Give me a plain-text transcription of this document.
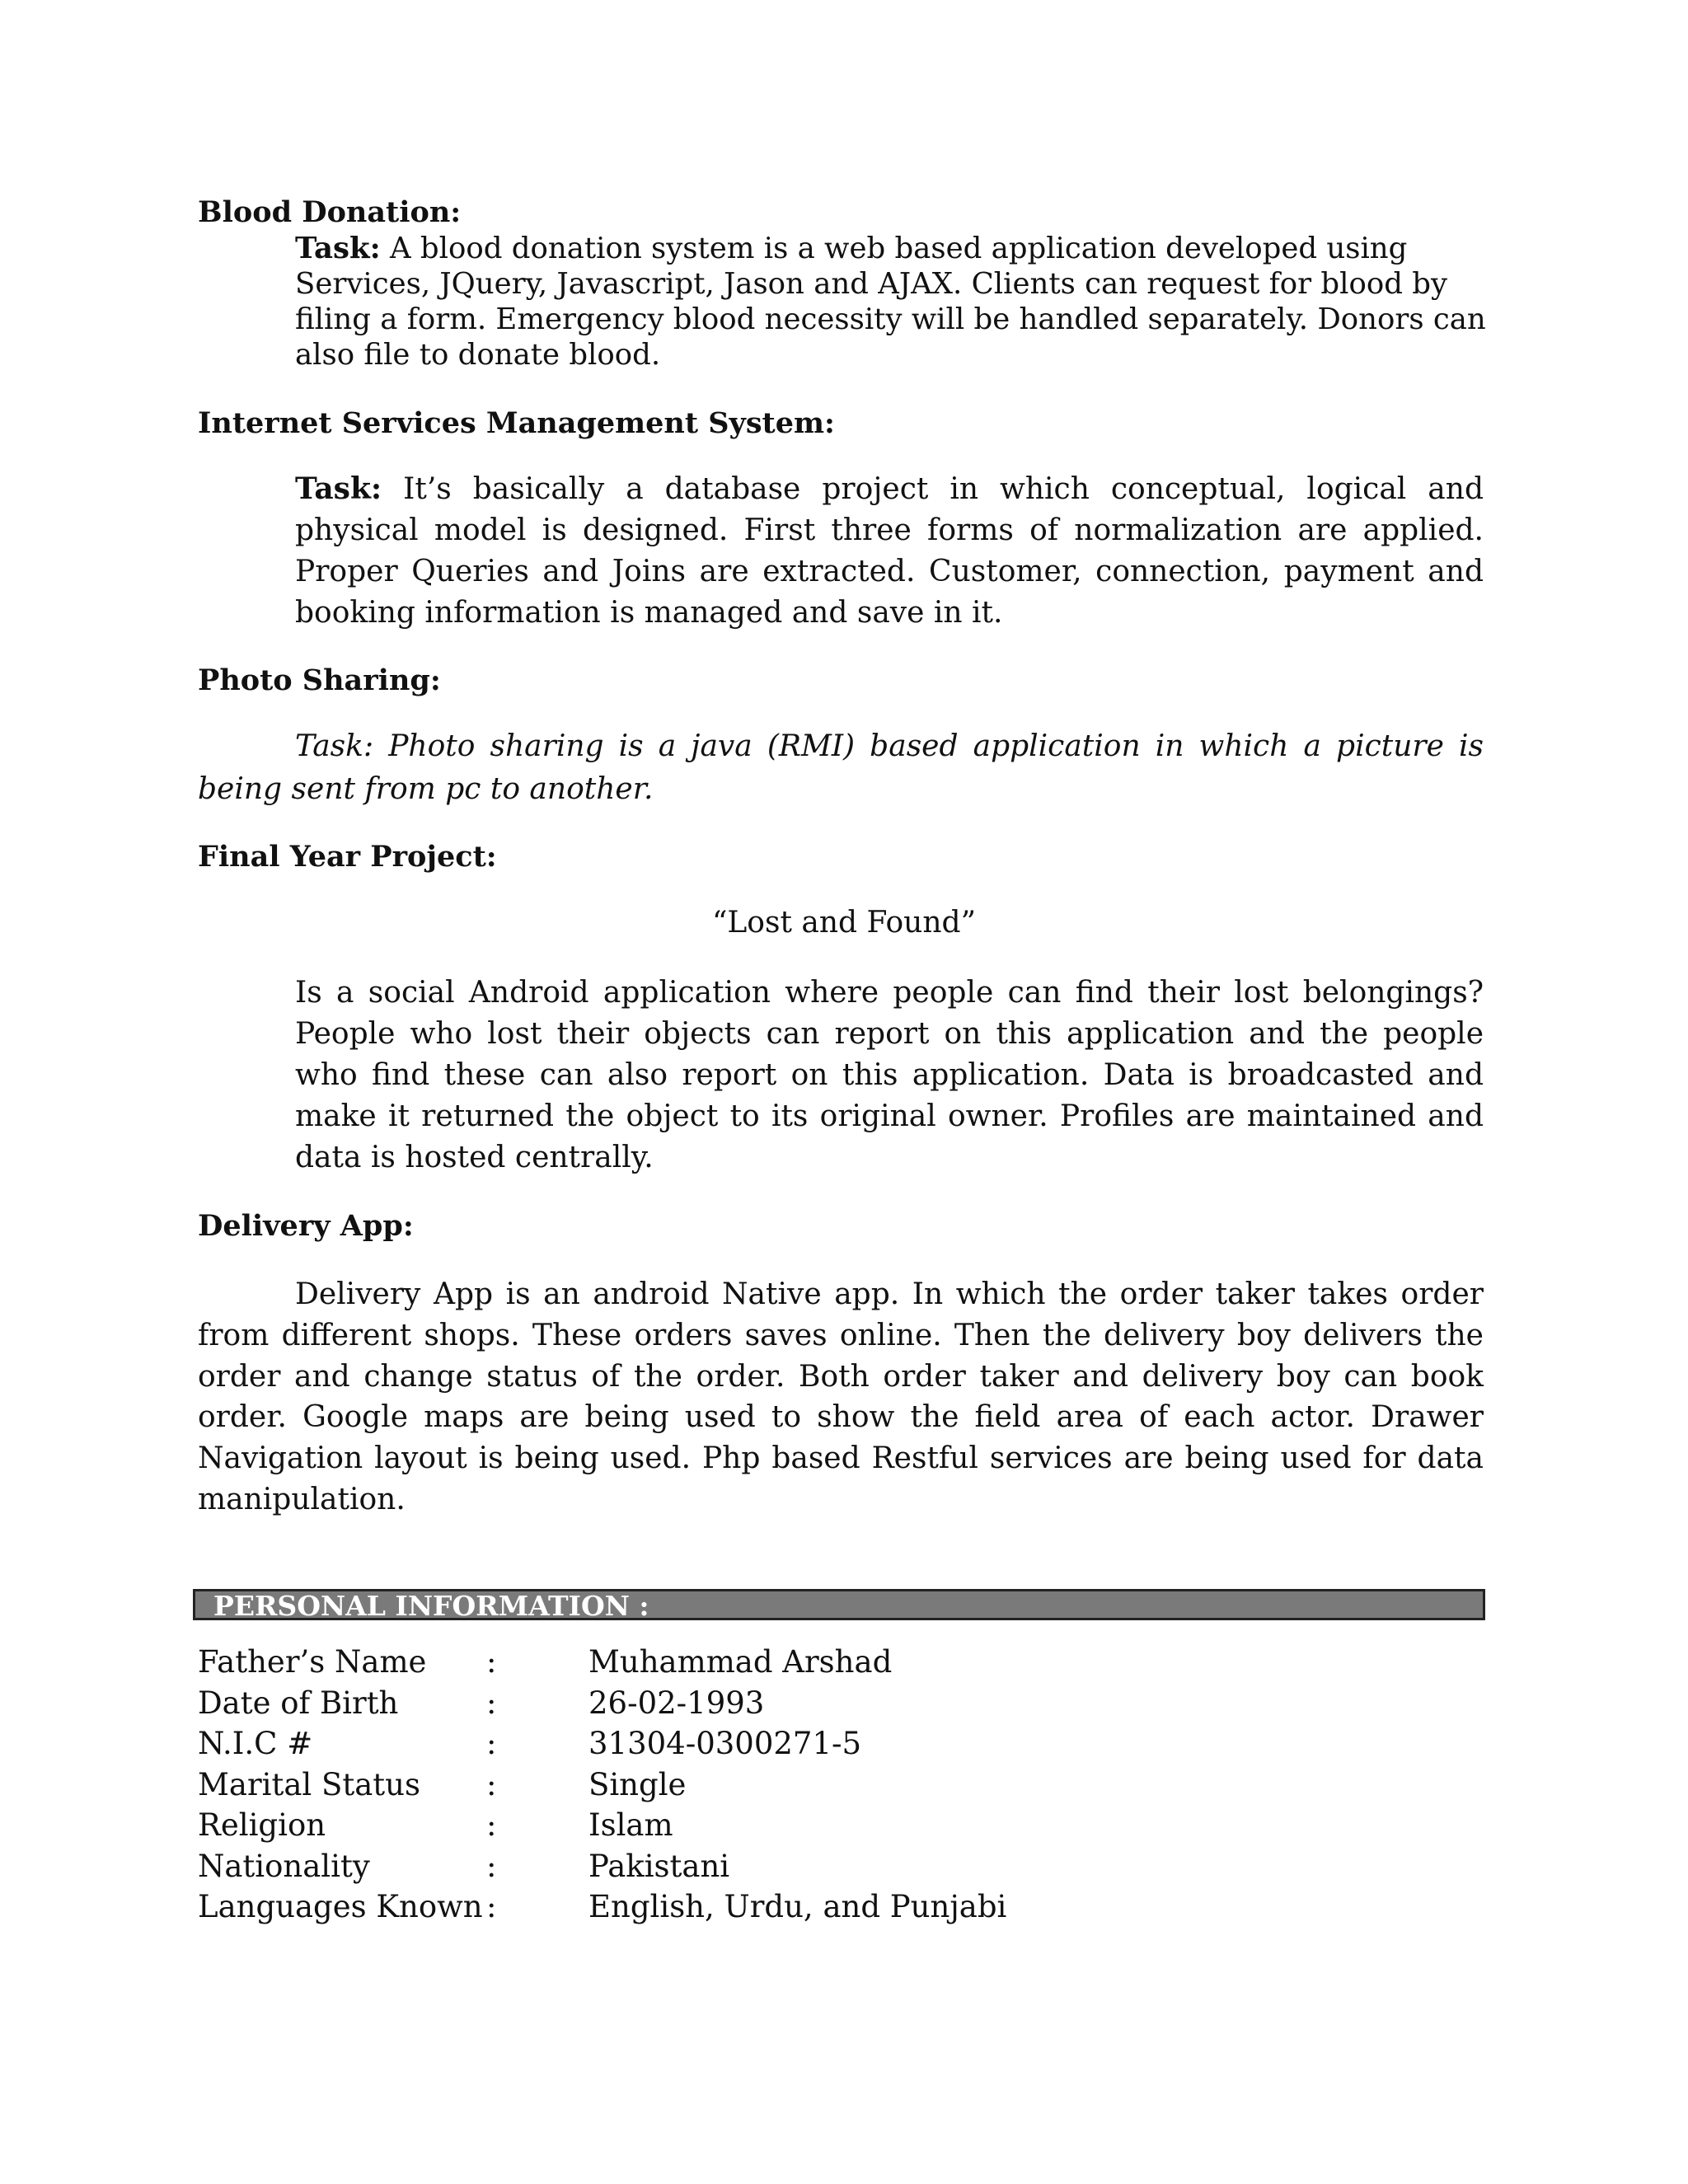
Blood Donation:
Task: A blood donation system is a web based application developed using
Services, JQuery, Javascript, Jason and AJAX. Clients can request for blood by
filing a form. Emergency blood necessity will be handled separately. Donors can
also file to donate blood.
Internet Services Management System:

Task: It’s basically a database project in which conceptual, logical and physical model is designed. First three forms of normalization are applied. Proper Queries and Joins are extracted. Customer, connection, payment and booking information is managed and save in it.

Photo Sharing:

Task: Photo sharing is a java (RMI) based application in which a picture is being sent from pc to another.

Final Year Project:
“Lost and Found”

Is a social Android application where people can find their lost belongings? People who lost their objects can report on this application and the people who find these can also report on this application. Data is broadcasted and make it returned the object to its original owner. Profiles are maintained and data is hosted centrally.

Delivery App:

Delivery App is an android Native app. In which the order taker takes order from different shops. These orders saves online. Then the delivery boy delivers the order and change status of the order. Both order taker and delivery boy can book order. Google maps are being used to show the field area of each actor. Drawer Navigation layout is being used. Php based Restful services are being used for data manipulation.

PERSONAL INFORMATION :
Father’s Name	:	Muhammad Arshad
Date of Birth	:	26-02-1993
N.I.C #	:	31304-0300271-5
Marital Status	:	Single
Religion	:	Islam
Nationality	:	Pakistani
Languages Known	:	English, Urdu, and Punjabi
